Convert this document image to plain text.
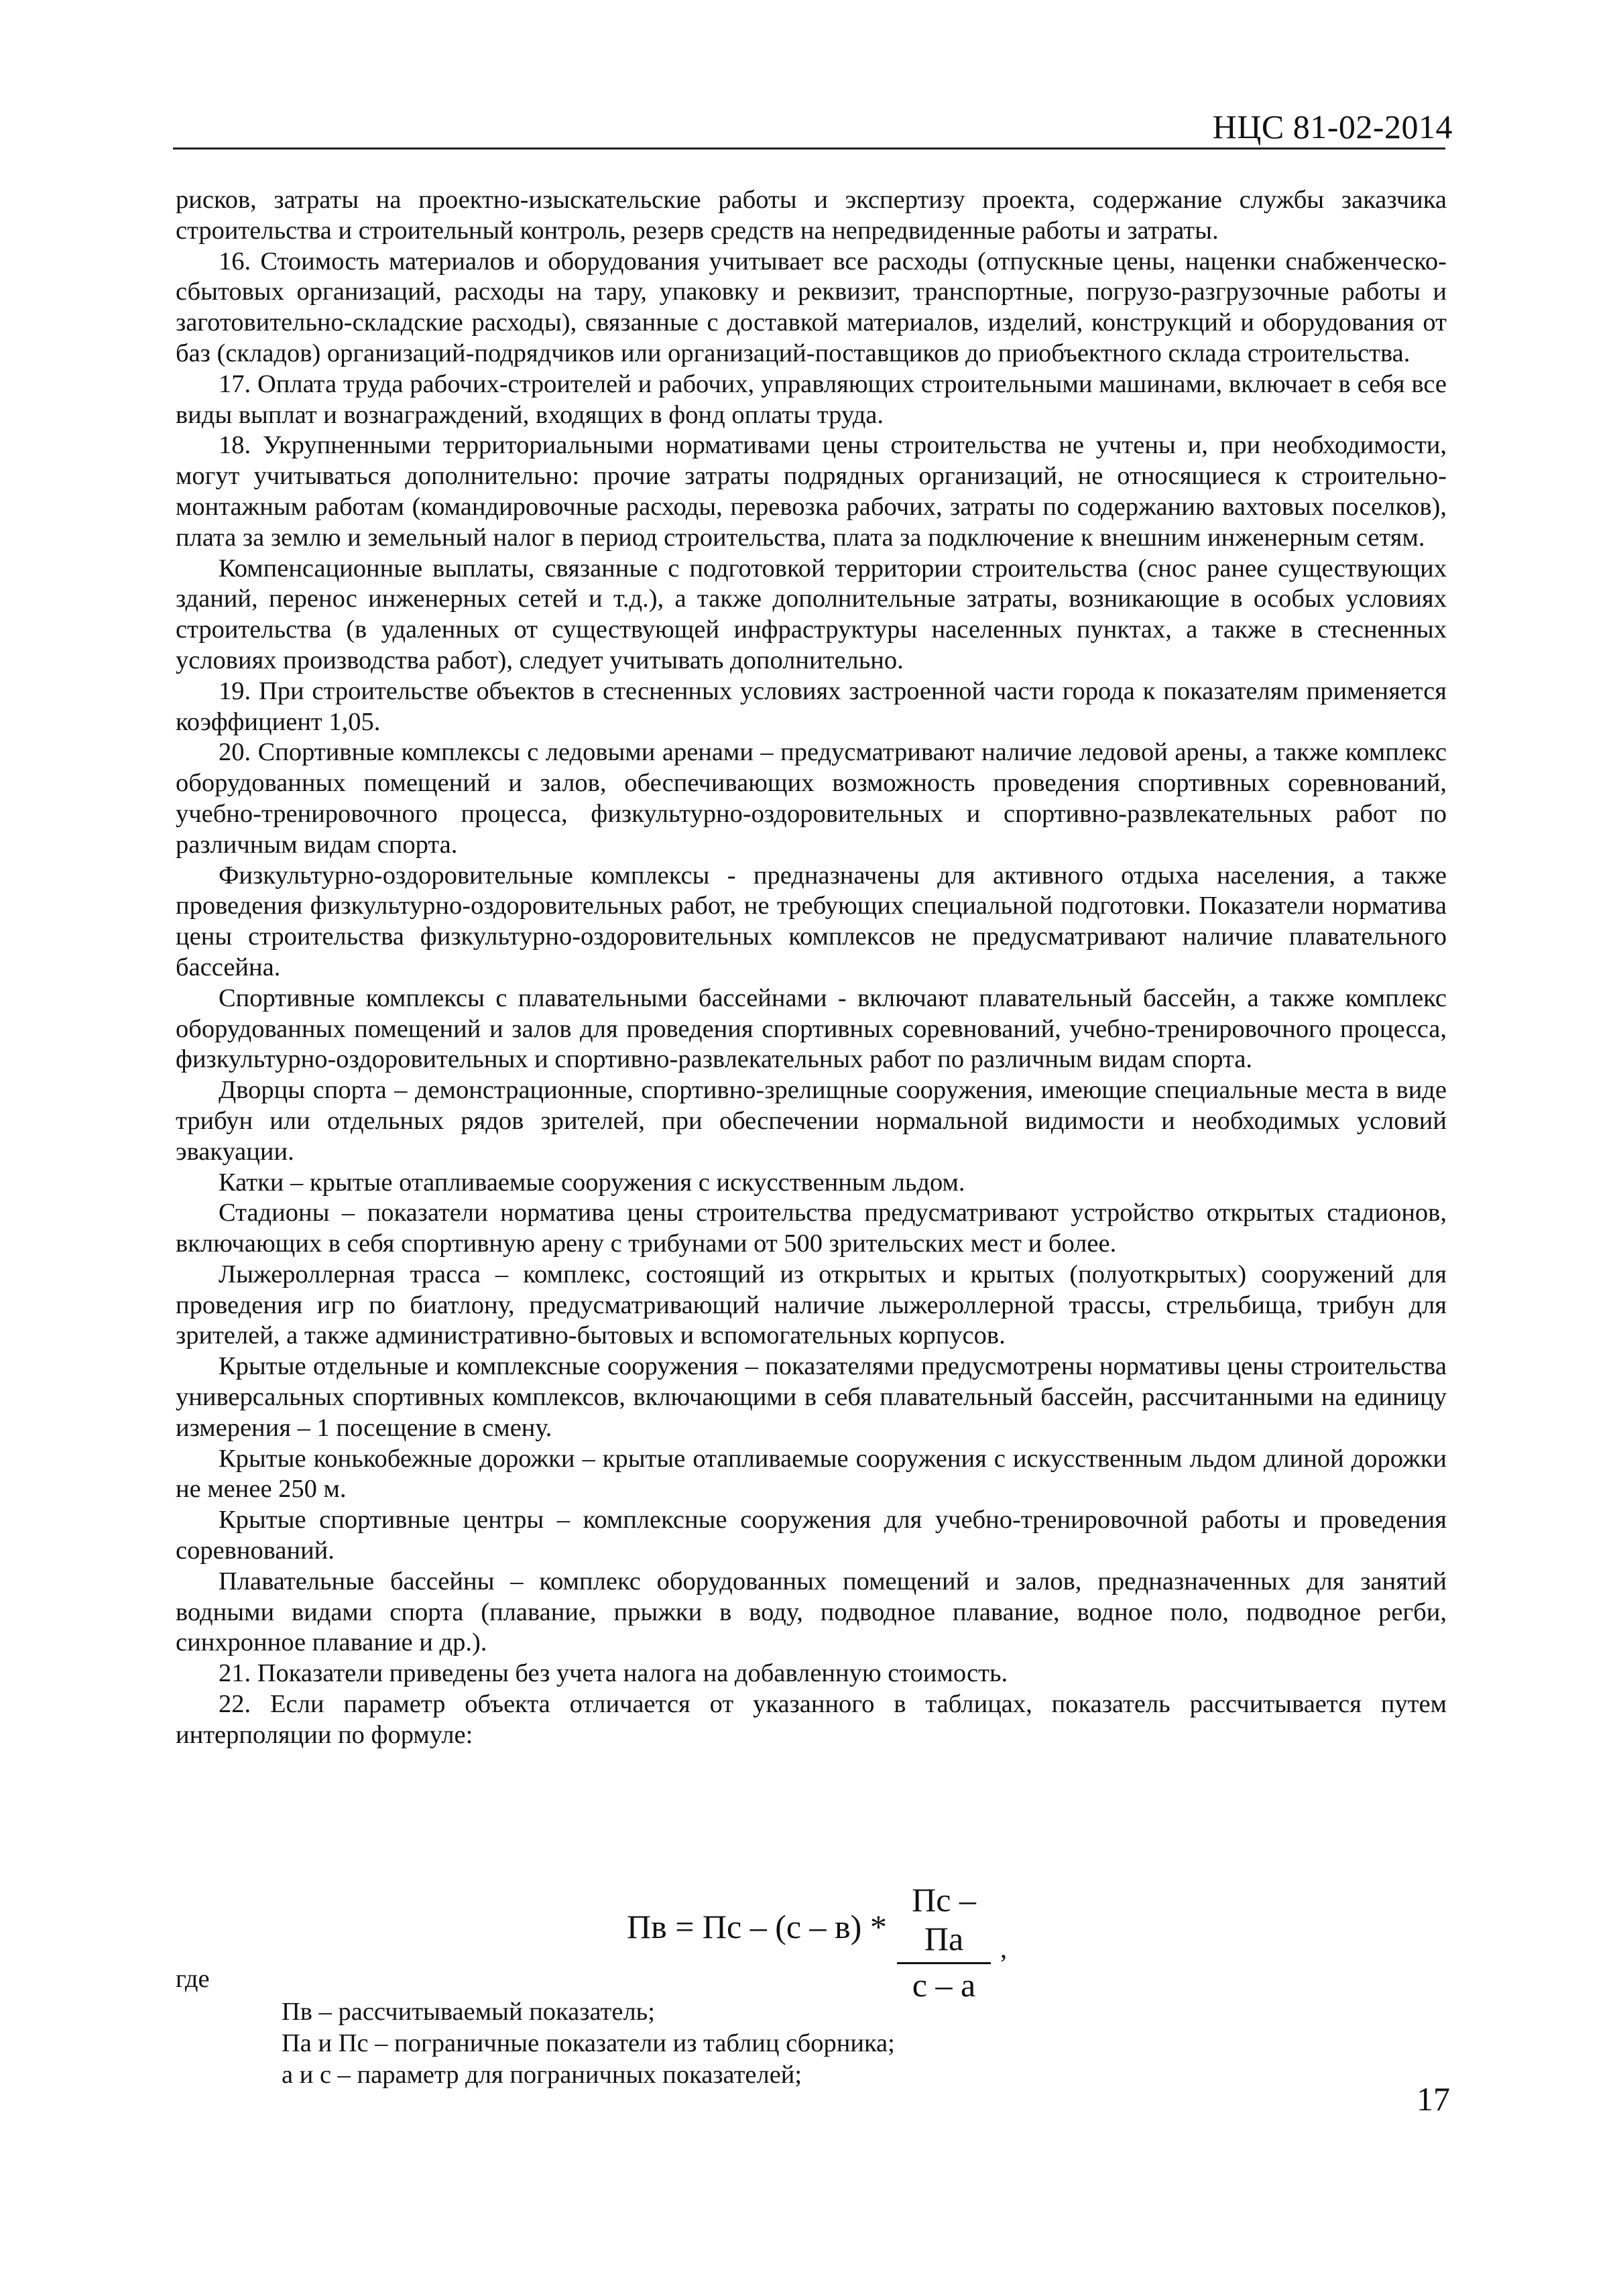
НЦС 81-02-2014

рисков, затраты на проектно-изыскательские работы и экспертизу проекта, содержание службы заказчика строительства и строительный контроль, резерв средств на непредвиденные работы и затраты.

16. Стоимость материалов и оборудования учитывает все расходы (отпускные цены, наценки снабженческо-сбытовых организаций, расходы на тару, упаковку и реквизит, транспортные, погрузо-разгрузочные работы и заготовительно-складские расходы), связанные с доставкой материалов, изделий, конструкций и оборудования от баз (складов) организаций-подрядчиков или организаций-поставщиков до приобъектного склада строительства.

17. Оплата труда рабочих-строителей и рабочих, управляющих строительными машинами, включает в себя все виды выплат и вознаграждений, входящих в фонд оплаты труда.

18. Укрупненными территориальными нормативами цены строительства не учтены и, при необходимости, могут учитываться дополнительно: прочие затраты подрядных организаций, не относящиеся к строительно-монтажным работам (командировочные расходы, перевозка рабочих, затраты по содержанию вахтовых поселков), плата за землю и земельный налог в период строительства, плата за подключение к внешним инженерным сетям.

Компенсационные выплаты, связанные с подготовкой территории строительства (снос ранее существующих зданий, перенос инженерных сетей и т.д.), а также дополнительные затраты, возникающие в особых условиях строительства (в удаленных от существующей инфраструктуры населенных пунктах, а также в стесненных условиях производства работ), следует учитывать дополнительно.

19. При строительстве объектов в стесненных условиях застроенной части города к показателям применяется коэффициент 1,05.

20. Спортивные комплексы с ледовыми аренами – предусматривают наличие ледовой арены, а также комплекс оборудованных помещений и залов, обеспечивающих возможность проведения спортивных соревнований, учебно-тренировочного процесса, физкультурно-оздоровительных и спортивно-развлекательных работ по различным видам спорта.

Физкультурно-оздоровительные комплексы - предназначены для активного отдыха населения, а также проведения физкультурно-оздоровительных работ, не требующих специальной подготовки. Показатели норматива цены строительства физкультурно-оздоровительных комплексов не предусматривают наличие плавательного бассейна.

Спортивные комплексы с плавательными бассейнами - включают плавательный бассейн, а также комплекс оборудованных помещений и залов для проведения спортивных соревнований, учебно-тренировочного процесса, физкультурно-оздоровительных и спортивно-развлекательных работ по различным видам спорта.

Дворцы спорта – демонстрационные, спортивно-зрелищные сооружения, имеющие специальные места в виде трибун или отдельных рядов зрителей, при обеспечении нормальной видимости и необходимых условий эвакуации.

Катки – крытые отапливаемые сооружения с искусственным льдом.

Стадионы – показатели норматива цены строительства предусматривают устройство открытых стадионов, включающих в себя спортивную арену с трибунами от 500 зрительских мест и более.

Лыжероллерная трасса – комплекс, состоящий из открытых и крытых (полуоткрытых) сооружений для проведения игр по биатлону, предусматривающий наличие лыжероллерной трассы, стрельбища, трибун для зрителей, а также административно-бытовых и вспомогательных корпусов.

Крытые отдельные и комплексные сооружения – показателями предусмотрены нормативы цены строительства универсальных спортивных комплексов, включающими в себя плавательный бассейн, рассчитанными на единицу измерения – 1 посещение в смену.

Крытые конькобежные дорожки – крытые отапливаемые сооружения с искусственным льдом длиной дорожки не менее 250 м.

Крытые спортивные центры – комплексные сооружения для учебно-тренировочной работы и проведения соревнований.

Плавательные бассейны – комплекс оборудованных помещений и залов, предназначенных для занятий водными видами спорта (плавание, прыжки в воду, подводное плавание, водное поло, подводное регби, синхронное плавание и др.).

21. Показатели приведены без учета налога на добавленную стоимость.

22. Если параметр объекта отличается от указанного в таблицах, показатель рассчитывается путем интерполяции по формуле:

Пв = Пс – (с – в) *
Пс – Па
с – а
,
где
Пв – рассчитываемый показатель;
Па и Пс – пограничные показатели из таблиц сборника;
а и с – параметр для пограничных показателей;
17
